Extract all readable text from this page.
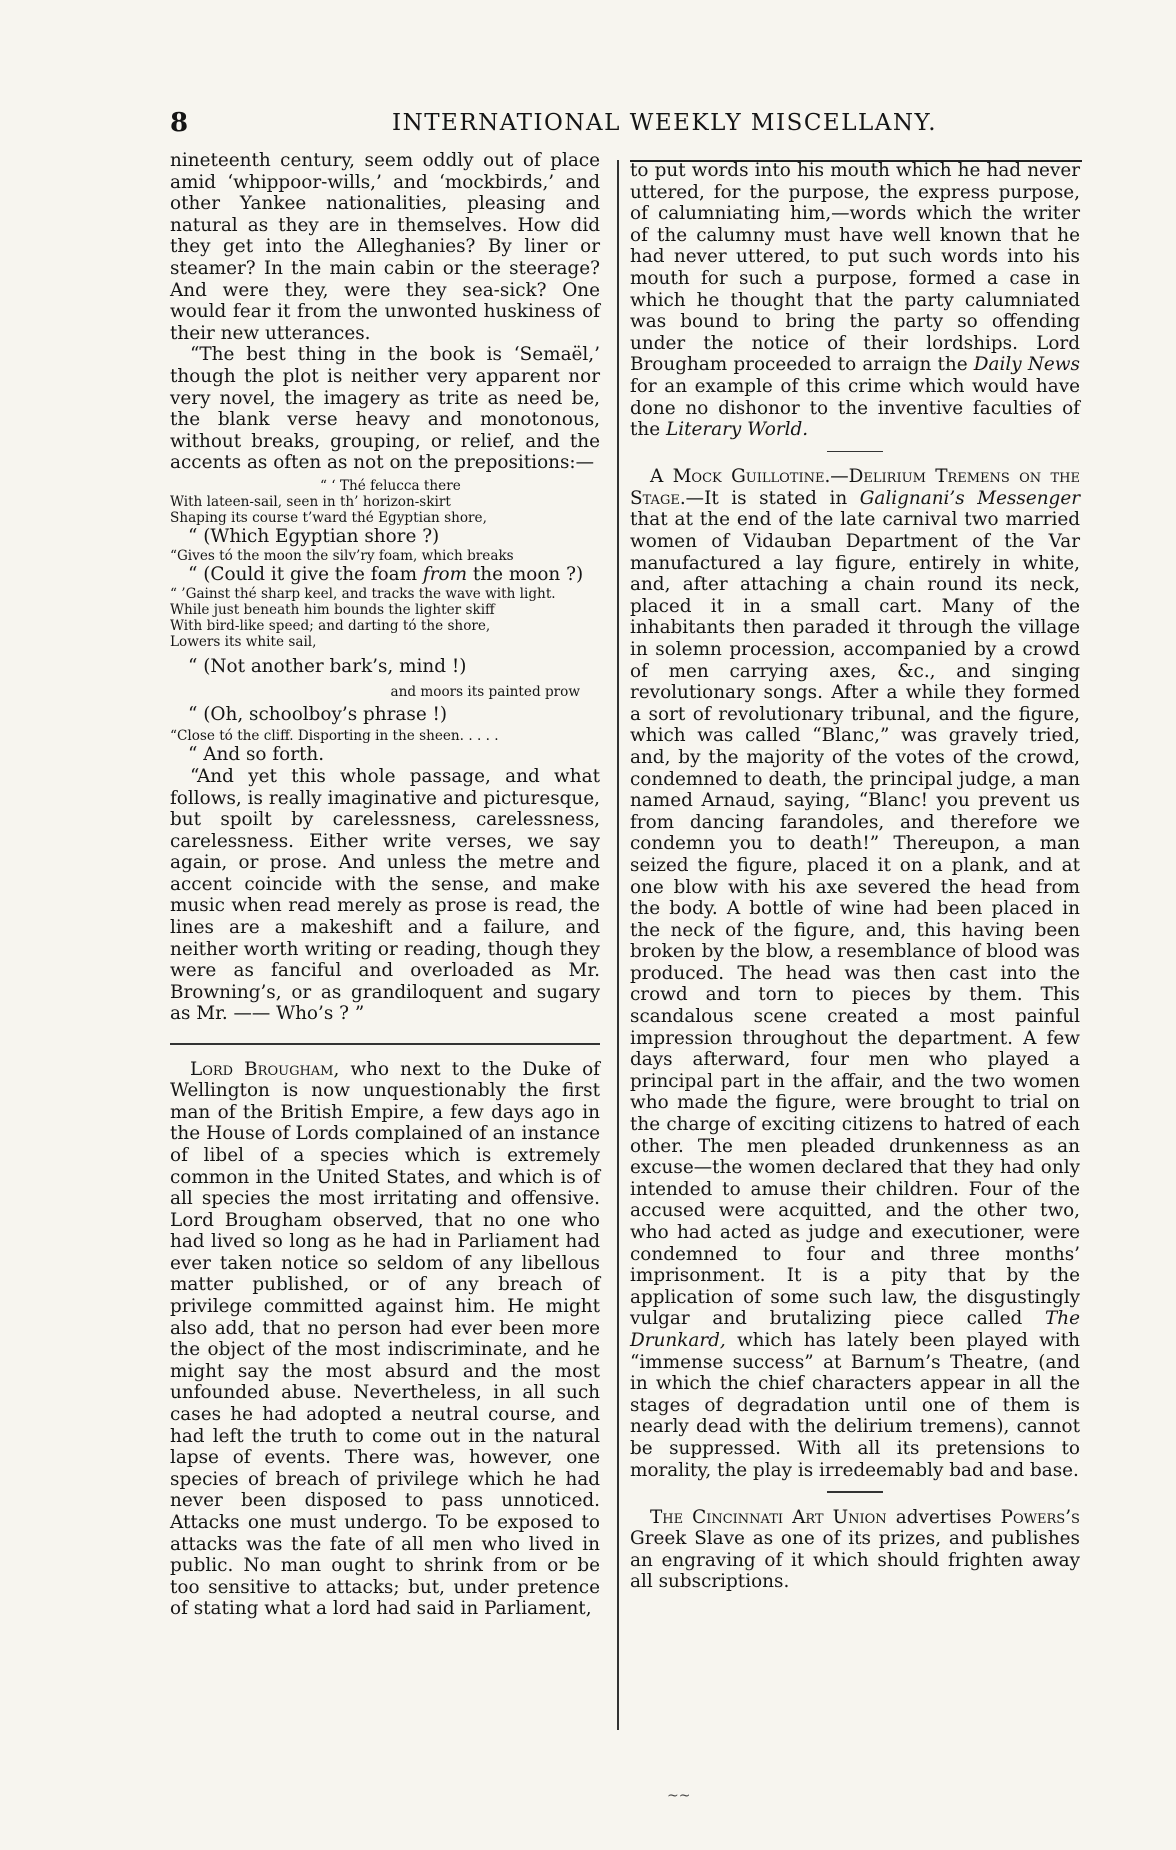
8	INTERNATIONAL WEEKLY MISCELLANY.

nineteenth century, seem oddly out of place amid ‘whippoor-wills,’ and ‘mockbirds,’ and other Yankee nationalities, pleasing and natural as they are in themselves. How did they get into the Alleghanies? By liner or steamer? In the main cabin or the steerage? And were they, were they sea-sick? One would fear it from the unwonted huskiness of their new utterances.

“The best thing in the book is ‘Semaël,’ though the plot is neither very apparent nor very novel, the imagery as trite as need be, the blank verse heavy and monotonous, without breaks, grouping, or relief, and the accents as often as not on the prepositions:—

“ ‘ Thé felucca there

With lateen-sail, seen in th’ horizon-skirt

Shaping its course t’ward thé Egyptian shore,

“ (Which Egyptian shore ?)

“Gives tó the moon the silv’ry foam, which breaks

“ (Could it give the foam from the moon ?)

“ ’Gainst thé sharp keel, and tracks the wave with light.

While just beneath him bounds the lighter skiff

With bird-like speed; and darting tó the shore,

Lowers its white sail,

“ (Not another bark’s, mind !)

and moors its painted prow

“ (Oh, schoolboy’s phrase !)

“Close tó the cliff. Disporting in the sheen. . . . .

“ And so forth.

“And yet this whole passage, and what follows, is really imaginative and picturesque, but spoilt by carelessness, carelessness, carelessness. Either write verses, we say again, or prose. And unless the metre and accent coincide with the sense, and make music when read merely as prose is read, the lines are a makeshift and a failure, and neither worth writing or reading, though they were as fanciful and overloaded as Mr. Browning’s, or as grandiloquent and sugary as Mr. —— Who’s ? ”

Lord Brougham, who next to the Duke of Wellington is now unquestionably the first man of the British Empire, a few days ago in the House of Lords complained of an instance of libel of a species which is extremely common in the United States, and which is of all species the most irritating and offensive. Lord Brougham observed, that no one who had lived so long as he had in Parliament had ever taken notice so seldom of any libellous matter published, or of any breach of privilege committed against him. He might also add, that no person had ever been more the object of the most indiscriminate, and he might say the most absurd and the most unfounded abuse. Nevertheless, in all such cases he had adopted a neutral course, and had left the truth to come out in the natural lapse of events. There was, however, one species of breach of privilege which he had never been disposed to pass unnoticed. Attacks one must undergo. To be exposed to attacks was the fate of all men who lived in public. No man ought to shrink from or be too sensitive to attacks; but, under pretence of stating what a lord had said in Parliament,

to put words into his mouth which he had never uttered, for the purpose, the express purpose, of calumniating him,—words which the writer of the calumny must have well known that he had never uttered, to put such words into his mouth for such a purpose, formed a case in which he thought that the party calumniated was bound to bring the party so offending under the notice of their lordships. Lord Brougham proceeded to arraign the Daily News for an example of this crime which would have done no dishonor to the inventive faculties of the Literary World.

A Mock Guillotine.—Delirium Tremens on the Stage.—It is stated in Galignani’s Messenger that at the end of the late carnival two married women of Vidauban Department of the Var manufactured a lay figure, entirely in white, and, after attaching a chain round its neck, placed it in a small cart. Many of the inhabitants then paraded it through the village in solemn procession, accompanied by a crowd of men carrying axes, &c., and singing revolutionary songs. After a while they formed a sort of revolutionary tribunal, and the figure, which was called “Blanc,” was gravely tried, and, by the majority of the votes of the crowd, condemned to death, the principal judge, a man named Arnaud, saying, “Blanc! you prevent us from dancing farandoles, and therefore we condemn you to death!” Thereupon, a man seized the figure, placed it on a plank, and at one blow with his axe severed the head from the body. A bottle of wine had been placed in the neck of the figure, and, this having been broken by the blow, a resemblance of blood was produced. The head was then cast into the crowd and torn to pieces by them. This scandalous scene created a most painful impression throughout the department. A few days afterward, four men who played a principal part in the affair, and the two women who made the figure, were brought to trial on the charge of exciting citizens to hatred of each other. The men pleaded drunkenness as an excuse—the women declared that they had only intended to amuse their children. Four of the accused were acquitted, and the other two, who had acted as judge and executioner, were condemned to four and three months’ imprisonment. It is a pity that by the application of some such law, the disgustingly vulgar and brutalizing piece called The Drunkard, which has lately been played with “immense success” at Barnum’s Theatre, (and in which the chief characters appear in all the stages of degradation until one of them is nearly dead with the delirium tremens), cannot be suppressed. With all its pretensions to morality, the play is irredeemably bad and base.

The Cincinnati Art Union advertises Powers’s Greek Slave as one of its prizes, and publishes an engraving of it which should frighten away all subscriptions.

~~
